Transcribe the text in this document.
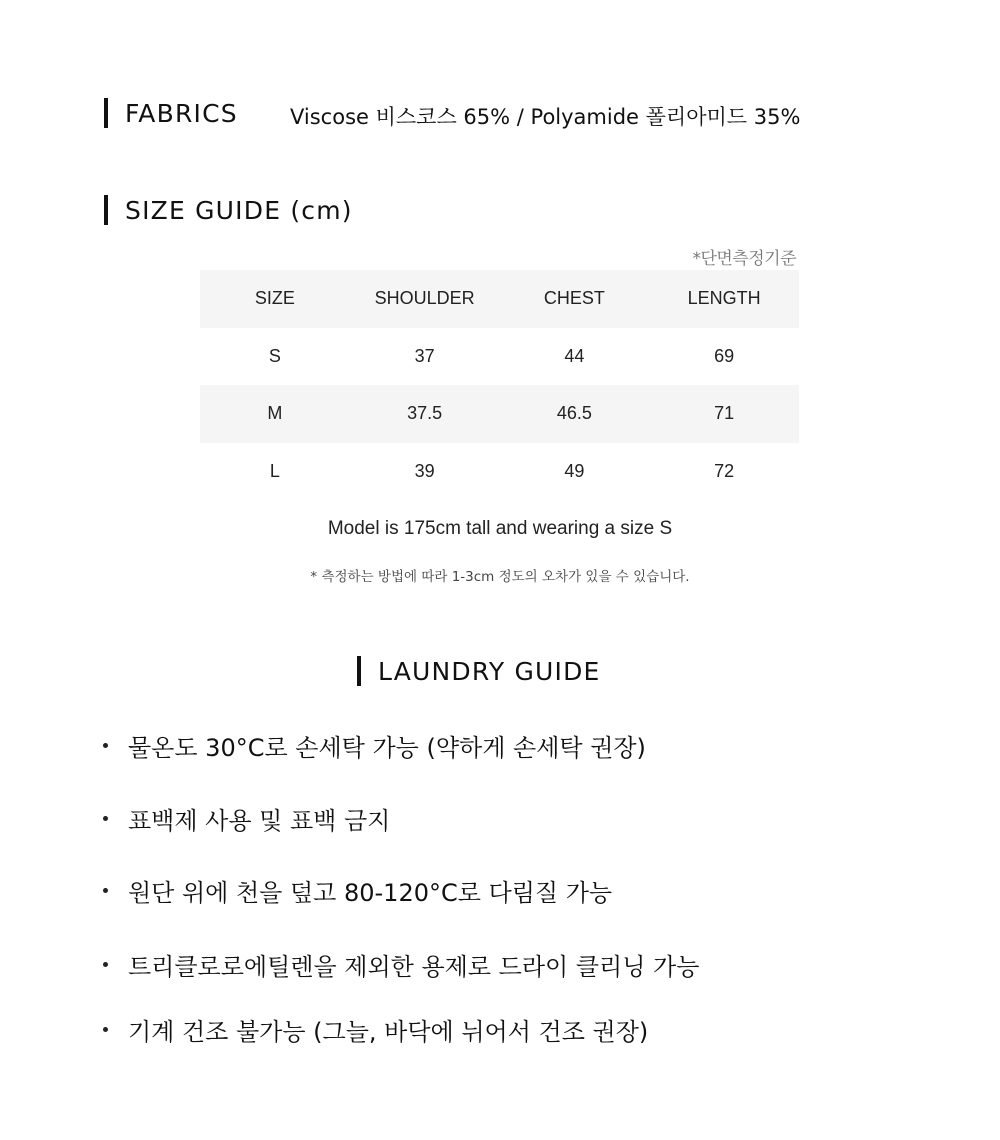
FABRICS Viscose 비스코스 65% / Polyamide 폴리아미드 35%
SIZE GUIDE (cm)
*단면측정기준
SIZE	SHOULDER	CHEST	LENGTH
S	37	44	69
M	37.5	46.5	71
L	39	49	72
Model is 175cm tall and wearing a size S
* 측정하는 방법에 따라 1-3cm 정도의 오차가 있을 수 있습니다.
LAUNDRY GUIDE
물온도 30°C로 손세탁 가능 (약하게 손세탁 권장)
표백제 사용 및 표백 금지
원단 위에 천을 덮고 80-120°C로 다림질 가능
트리클로로에틸렌을 제외한 용제로 드라이 클리닝 가능
기계 건조 불가능 (그늘, 바닥에 뉘어서 건조 권장)
